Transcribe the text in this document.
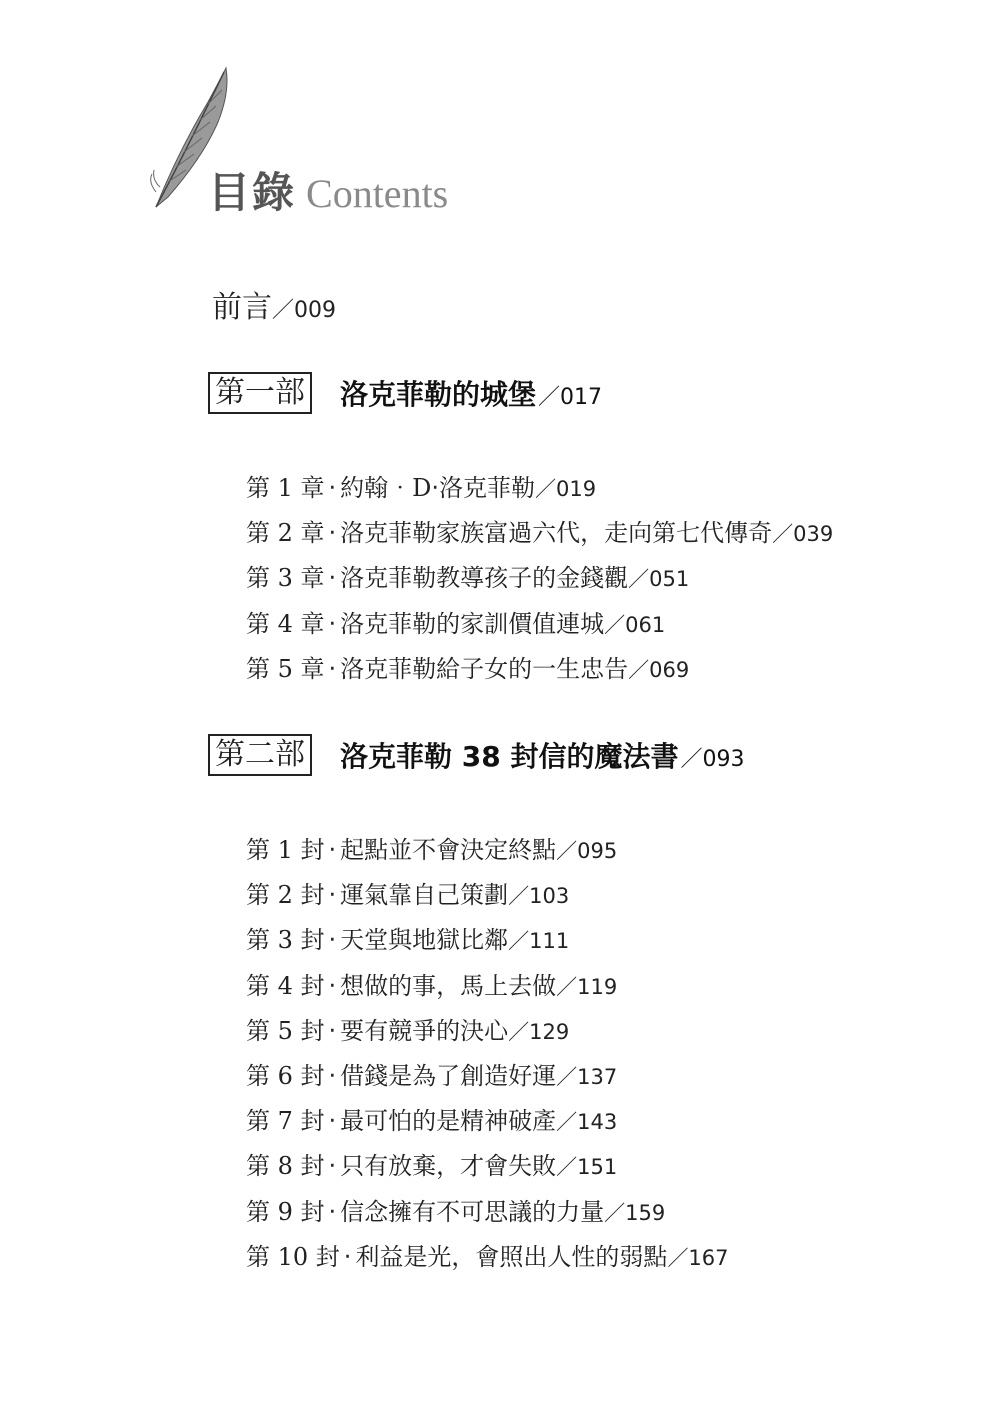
目錄 Contents
前言／009
第一部 洛克菲勒的城堡／017
第 1 章 ‧ 約翰‧D‧洛克菲勒／019
第 2 章 ‧ 洛克菲勒家族富過六代，走向第七代傳奇／039
第 3 章 ‧ 洛克菲勒教導孩子的金錢觀／051
第 4 章 ‧ 洛克菲勒的家訓價值連城／061
第 5 章 ‧ 洛克菲勒給子女的一生忠告／069
第二部 洛克菲勒 38 封信的魔法書／093
第 1 封 ‧ 起點並不會決定終點／095
第 2 封 ‧ 運氣靠自己策劃／103
第 3 封 ‧ 天堂與地獄比鄰／111
第 4 封 ‧ 想做的事，馬上去做／119
第 5 封 ‧ 要有競爭的決心／129
第 6 封 ‧ 借錢是為了創造好運／137
第 7 封 ‧ 最可怕的是精神破產／143
第 8 封 ‧ 只有放棄，才會失敗／151
第 9 封 ‧ 信念擁有不可思議的力量／159
第 10 封 ‧ 利益是光，會照出人性的弱點／167
